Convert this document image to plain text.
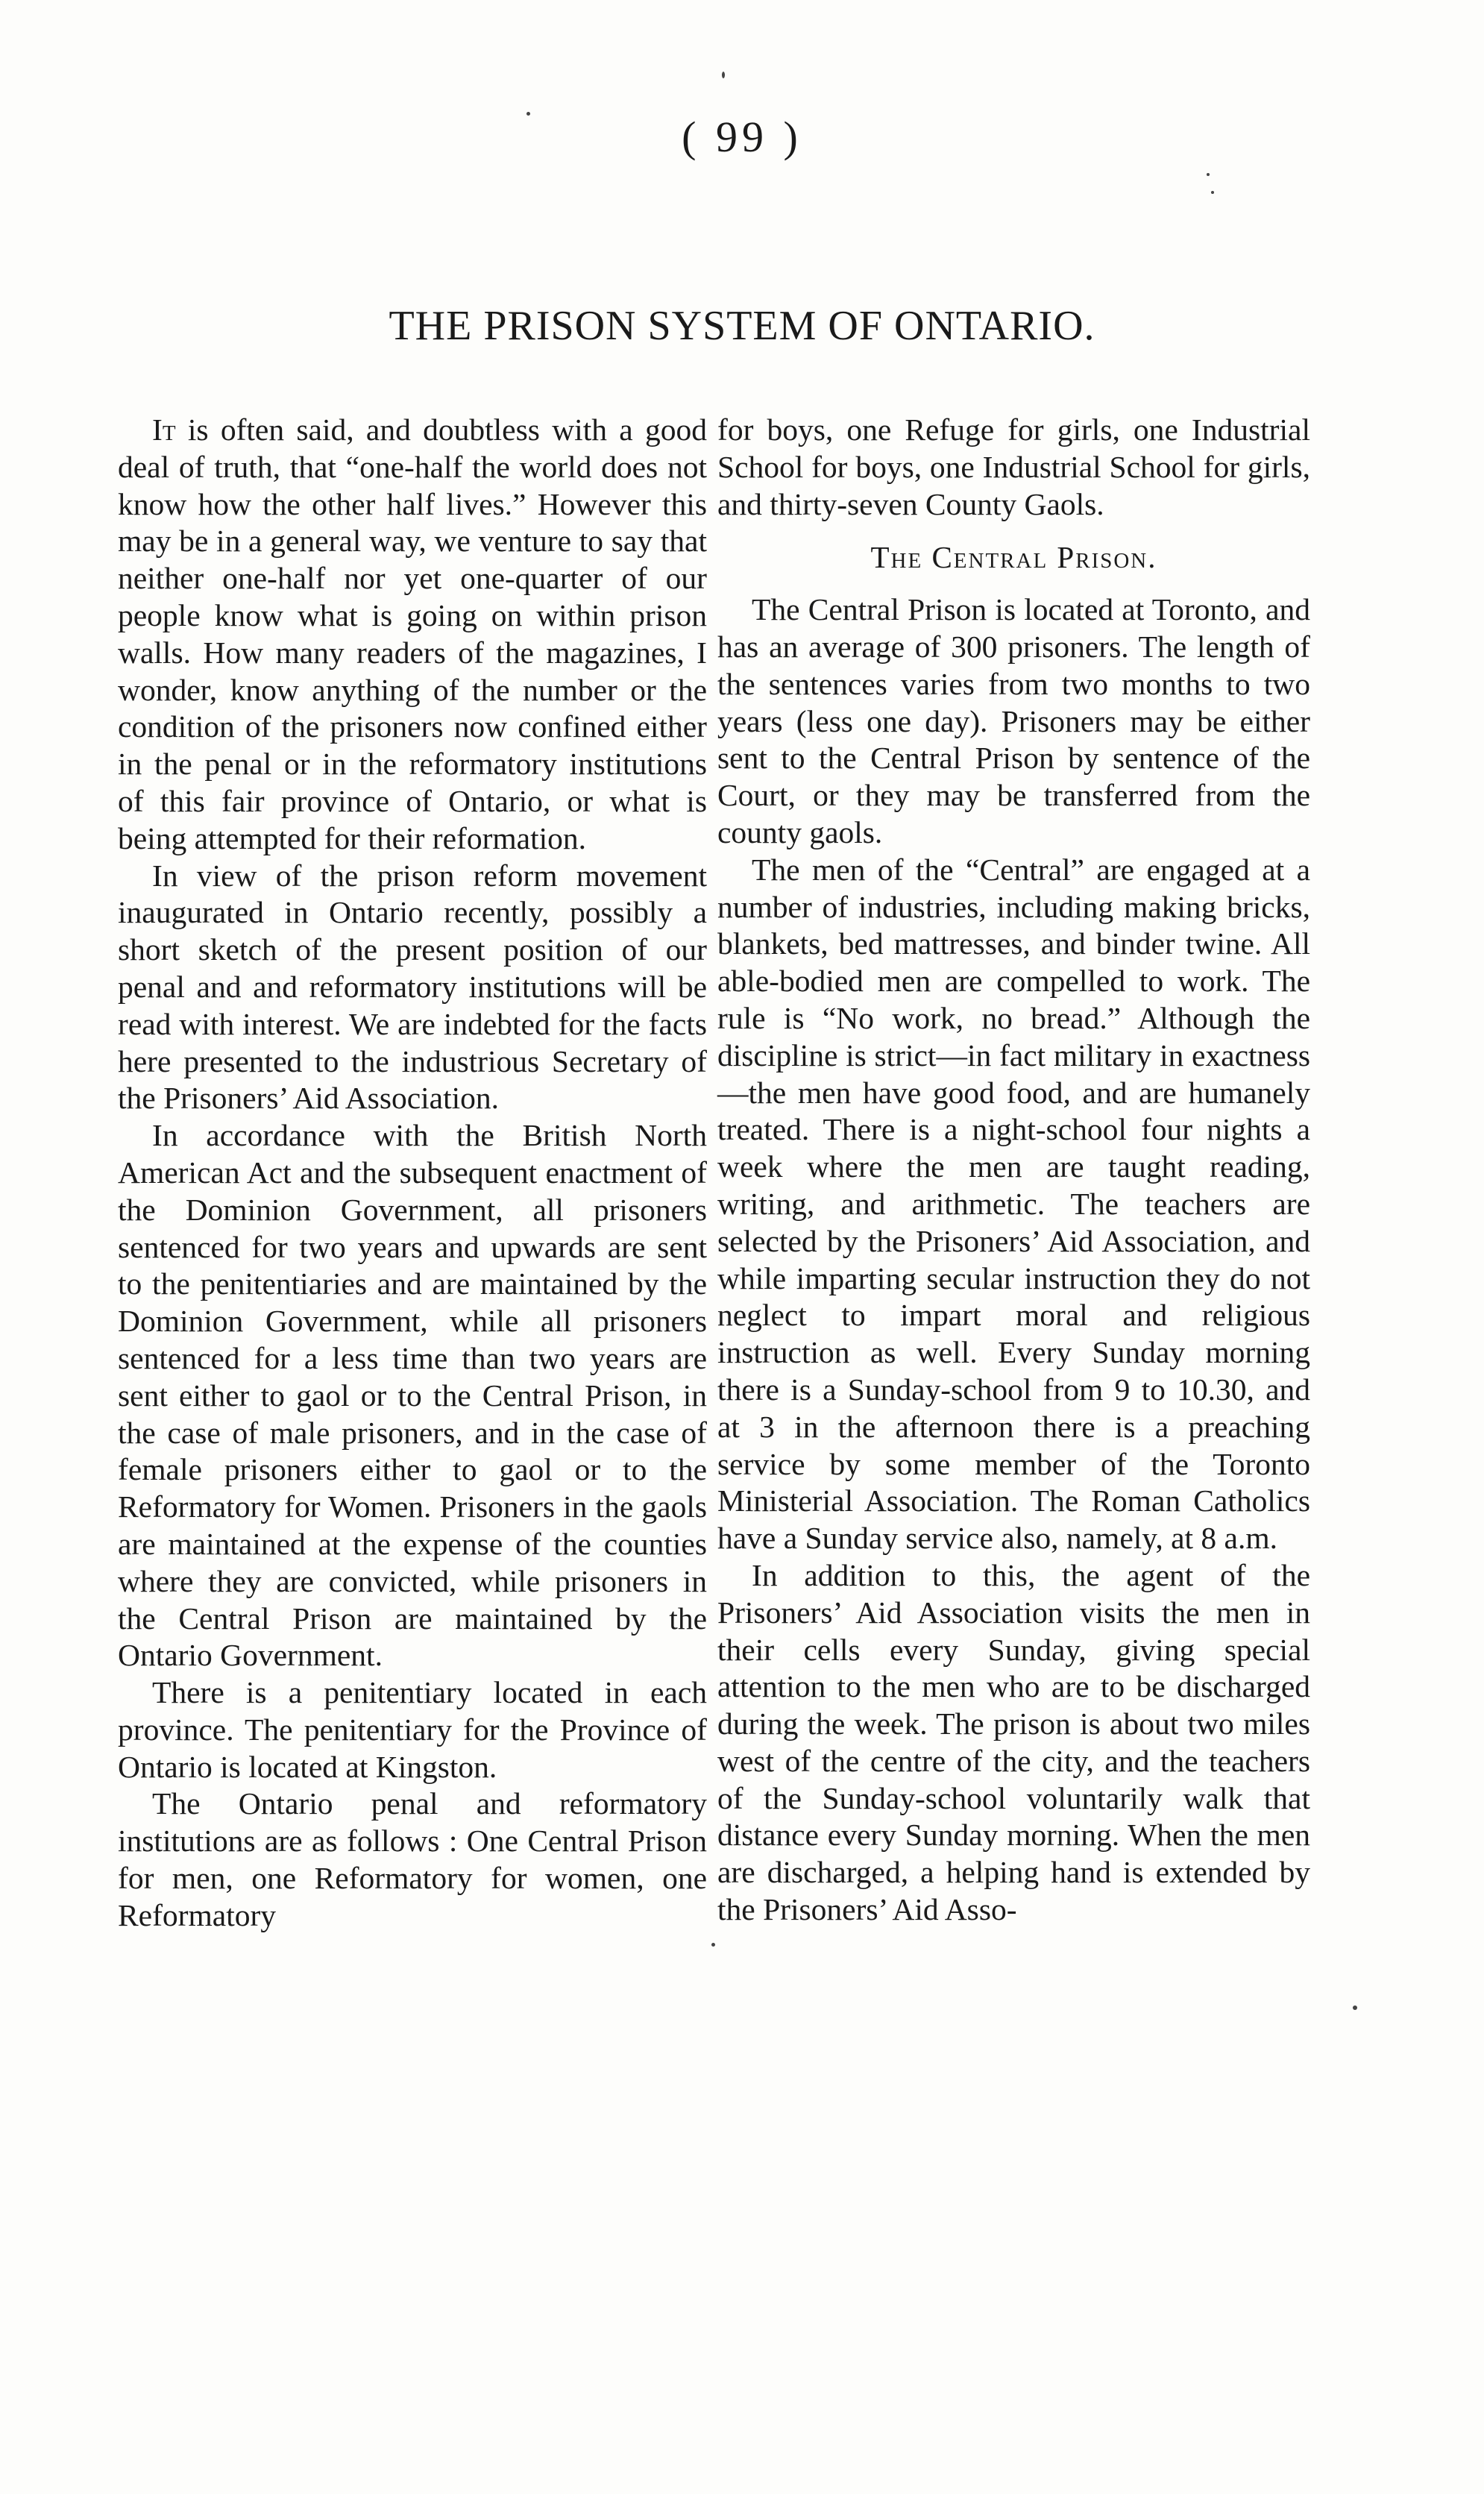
( 99 )
THE PRISON SYSTEM OF ONTARIO.

It is often said, and doubtless with a good deal of truth, that “one-half the world does not know how the other half lives.” However this may be in a general way, we venture to say that neither one-half nor yet one-quarter of our people know what is going on within prison walls. How many readers of the magazines, I wonder, know anything of the number or the condition of the prisoners now confined either in the penal or in the reformatory institutions of this fair province of Ontario, or what is being attempted for their reformation.

In view of the prison reform movement inaugurated in Ontario recently, possibly a short sketch of the present position of our penal and and reformatory institutions will be read with interest. We are indebted for the facts here presented to the industrious Secretary of the Prisoners’ Aid Association.

In accordance with the British North American Act and the subsequent enactment of the Dominion Government, all prisoners sentenced for two years and upwards are sent to the penitentiaries and are maintained by the Dominion Government, while all prisoners sentenced for a less time than two years are sent either to gaol or to the Central Prison, in the case of male prisoners, and in the case of female prisoners either to gaol or to the Reformatory for Women. Prisoners in the gaols are maintained at the expense of the counties where they are convicted, while prisoners in the Central Prison are maintained by the Ontario Government.

There is a penitentiary located in each province. The penitentiary for the Province of Ontario is located at Kingston.

The Ontario penal and reformatory institutions are as follows : One Central Prison for men, one Reformatory for women, one Reformatory

for boys, one Refuge for girls, one Industrial School for boys, one Industrial School for girls, and thirty-seven County Gaols.

The Central Prison.

The Central Prison is located at Toronto, and has an average of 300 prisoners. The length of the sentences varies from two months to two years (less one day). Prisoners may be either sent to the Central Prison by sentence of the Court, or they may be transferred from the county gaols.

The men of the “Central” are engaged at a number of industries, including making bricks, blankets, bed mattresses, and binder twine. All able-bodied men are compelled to work. The rule is “No work, no bread.” Although the discipline is strict—in fact military in exactness—the men have good food, and are humanely treated. There is a night-school four nights a week where the men are taught reading, writing, and arithmetic. The teachers are selected by the Prisoners’ Aid Association, and while imparting secular instruction they do not neglect to impart moral and religious instruction as well. Every Sunday morning there is a Sunday-school from 9 to 10.30, and at 3 in the afternoon there is a preaching service by some member of the Toronto Ministerial Association. The Roman Catholics have a Sunday service also, namely, at 8 a.m.

In addition to this, the agent of the Prisoners’ Aid Association visits the men in their cells every Sunday, giving special attention to the men who are to be discharged during the week. The prison is about two miles west of the centre of the city, and the teachers of the Sunday-school voluntarily walk that distance every Sunday morning. When the men are discharged, a helping hand is extended by the Prisoners’ Aid Asso-
